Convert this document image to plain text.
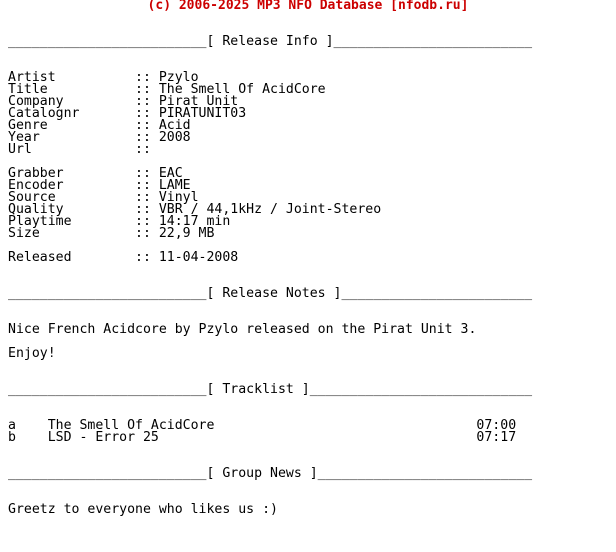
(c) 2006-2025 MP3 NFO Database [nfodb.ru]
_________________________[ Release Info ]_________________________
Artist          :: Pzylo
Title           :: The Smell Of AcidCore
Company         :: Pirat Unit
Catalognr       :: PIRATUNIT03
Genre           :: Acid
Year            :: 2008
Url             ::
Grabber         :: EAC
Encoder         :: LAME
Source          :: Vinyl
Quality         :: VBR / 44,1kHz / Joint-Stereo
Playtime        :: 14:17 min
Size            :: 22,9 MB
Released        :: 11-04-2008
_________________________[ Release Notes ]________________________
Nice French Acidcore by Pzylo released on the Pirat Unit 3.
Enjoy!
_________________________[ Tracklist ]____________________________
a    The Smell Of AcidCore                                 07:00
b    LSD - Error 25                                        07:17
_________________________[ Group News ]___________________________
Greetz to everyone who likes us :)
